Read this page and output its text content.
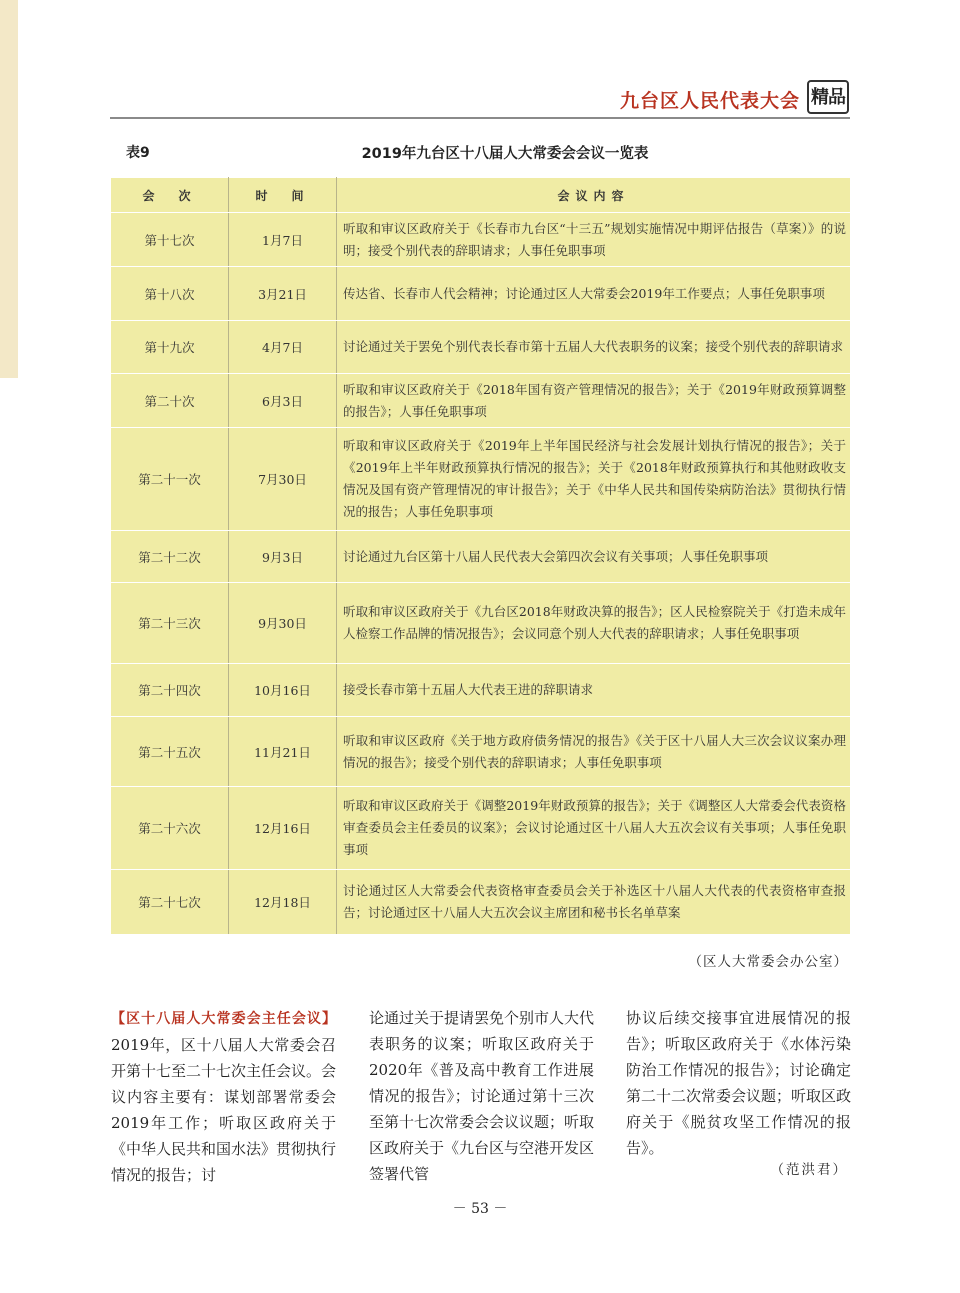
九台区人民代表大会 精品
表9	2019年九台区十八届人大常委会会议一览表
会　次	时　间	会议内容
第十七次	1月7日	听取和审议区政府关于《长春市九台区“十三五”规划实施情况中期评估报告（草案）》的说明；接受个别代表的辞职请求；人事任免职事项
第十八次	3月21日	传达省、长春市人代会精神；讨论通过区人大常委会2019年工作要点；人事任免职事项
第十九次	4月7日	讨论通过关于罢免个别代表长春市第十五届人大代表职务的议案；接受个别代表的辞职请求
第二十次	6月3日	听取和审议区政府关于《2018年国有资产管理情况的报告》；关于《2019年财政预算调整的报告》；人事任免职事项
第二十一次	7月30日	听取和审议区政府关于《2019年上半年国民经济与社会发展计划执行情况的报告》；关于《2019年上半年财政预算执行情况的报告》；关于《2018年财政预算执行和其他财政收支情况及国有资产管理情况的审计报告》；关于《中华人民共和国传染病防治法》贯彻执行情况的报告；人事任免职事项
第二十二次	9月3日	讨论通过九台区第十八届人民代表大会第四次会议有关事项；人事任免职事项
第二十三次	9月30日	听取和审议区政府关于《九台区2018年财政决算的报告》；区人民检察院关于《打造未成年人检察工作品牌的情况报告》；会议同意个别人大代表的辞职请求；人事任免职事项
第二十四次	10月16日	接受长春市第十五届人大代表王进的辞职请求
第二十五次	11月21日	听取和审议区政府《关于地方政府债务情况的报告》《关于区十八届人大三次会议议案办理情况的报告》；接受个别代表的辞职请求；人事任免职事项
第二十六次	12月16日	听取和审议区政府关于《调整2019年财政预算的报告》；关于《调整区人大常委会代表资格审查委员会主任委员的议案》；会议讨论通过区十八届人大五次会议有关事项；人事任免职事项
第二十七次	12月18日	讨论通过区人大常委会代表资格审查委员会关于补选区十八届人大代表的代表资格审查报告；讨论通过区十八届人大五次会议主席团和秘书长名单草案
（区人大常委会办公室）
【区十八届人大常委会主任会议】2019年，区十八届人大常委会召开第十七至二十七次主任会议。会议内容主要有：谋划部署常委会2019年工作；听取区政府关于《中华人民共和国水法》贯彻执行情况的报告；讨
论通过关于提请罢免个别市人大代表职务的议案；听取区政府关于2020年《普及高中教育工作进展情况的报告》；讨论通过第十三次至第十七次常委会会议议题；听取区政府关于《九台区与空港开发区签署代管
协议后续交接事宜进展情况的报告》；听取区政府关于《水体污染防治工作情况的报告》；讨论确定第二十二次常委会议题；听取区政府关于《脱贫攻坚工作情况的报告》。
（范洪君）
－ 53 －
